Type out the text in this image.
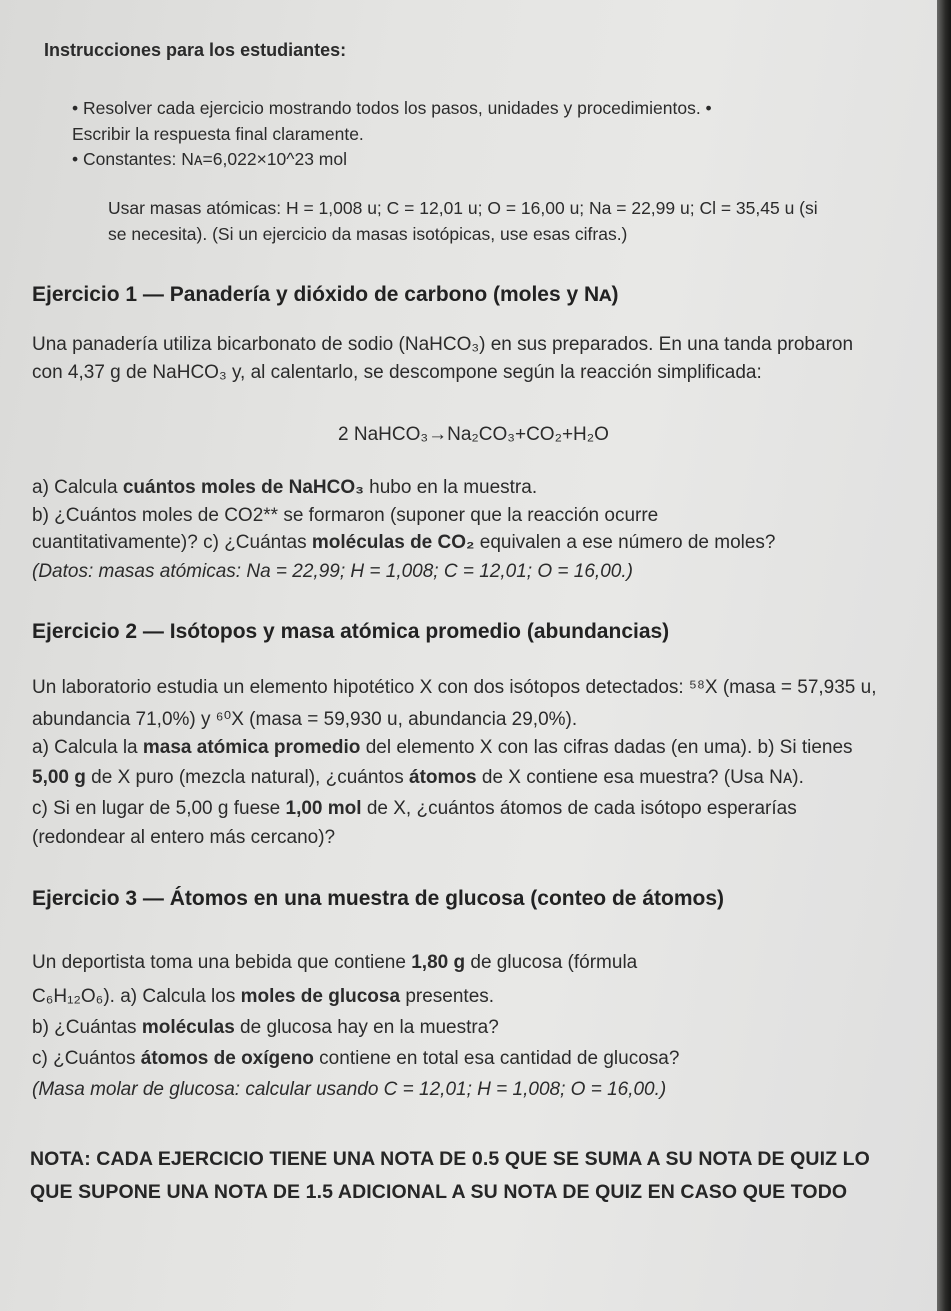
Instrucciones para los estudiantes:
• Resolver cada ejercicio mostrando todos los pasos, unidades y procedimientos. •
Escribir la respuesta final claramente.
• Constantes: Nᴀ=6,022×10^23 mol
Usar masas atómicas: H = 1,008 u; C = 12,01 u; O = 16,00 u; Na = 22,99 u; Cl = 35,45 u (si
se necesita). (Si un ejercicio da masas isotópicas, use esas cifras.)
Ejercicio 1 — Panadería y dióxido de carbono (moles y Nᴀ)
Una panadería utiliza bicarbonato de sodio (NaHCO₃) en sus preparados. En una tanda probaron
con 4,37 g de NaHCO₃ y, al calentarlo, se descompone según la reacción simplificada:
2 NaHCO₃→Na₂CO₃+CO₂+H₂O
a) Calcula cuántos moles de NaHCO₃ hubo en la muestra.
b) ¿Cuántos moles de CO2** se formaron (suponer que la reacción ocurre
cuantitativamente)? c) ¿Cuántas moléculas de CO₂ equivalen a ese número de moles?
(Datos: masas atómicas: Na = 22,99; H = 1,008; C = 12,01; O = 16,00.)
Ejercicio 2 — Isótopos y masa atómica promedio (abundancias)
Un laboratorio estudia un elemento hipotético X con dos isótopos detectados: ⁵⁸X (masa = 57,935 u,
abundancia 71,0%) y ⁶⁰X (masa = 59,930 u, abundancia 29,0%).
a) Calcula la masa atómica promedio del elemento X con las cifras dadas (en uma). b) Si tienes
5,00 g de X puro (mezcla natural), ¿cuántos átomos de X contiene esa muestra? (Usa Nᴀ).
c) Si en lugar de 5,00 g fuese 1,00 mol de X, ¿cuántos átomos de cada isótopo esperarías
(redondear al entero más cercano)?
Ejercicio 3 — Átomos en una muestra de glucosa (conteo de átomos)
Un deportista toma una bebida que contiene 1,80 g de glucosa (fórmula
C₆H₁₂O₆). a) Calcula los moles de glucosa presentes.
b) ¿Cuántas moléculas de glucosa hay en la muestra?
c) ¿Cuántos átomos de oxígeno contiene en total esa cantidad de glucosa?
(Masa molar de glucosa: calcular usando C = 12,01; H = 1,008; O = 16,00.)
NOTA: CADA EJERCICIO TIENE UNA NOTA DE 0.5 QUE SE SUMA A SU NOTA DE QUIZ LO
QUE SUPONE UNA NOTA DE 1.5 ADICIONAL A SU NOTA DE QUIZ EN CASO QUE TODO
